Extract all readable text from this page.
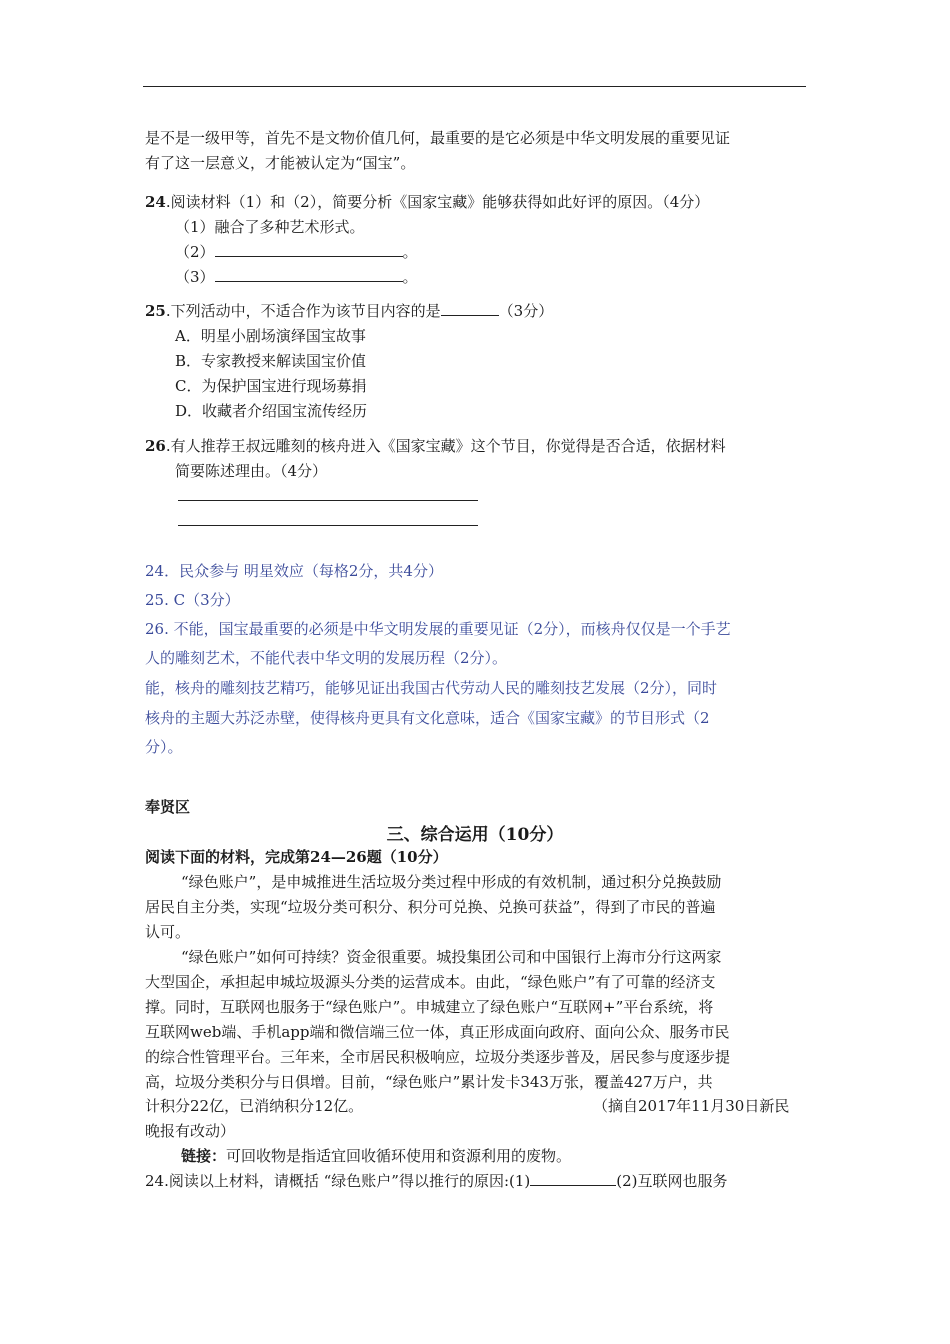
是不是一级甲等，首先不是文物价值几何，最重要的是它必须是中华文明发展的重要见证
有了这一层意义，才能被认定为“国宝”。
24.阅读材料（1）和（2），简要分析《国家宝藏》能够获得如此好评的原因。（4分）
（1）融合了多种艺术形式。
（2）	。
（3）	。
25.下列活动中，不适合作为该节目内容的是	（3分）
A．明星小剧场演绎国宝故事
B．专家教授来解读国宝价值
C．为保护国宝进行现场募捐
D．收藏者介绍国宝流传经历
26.有人推荐王叔远雕刻的核舟进入《国家宝藏》这个节目，你觉得是否合适，依据材料
简要陈述理由。（4分）
24．民众参与 明星效应（每格2分，共4分）
25. C（3分）
26. 不能，国宝最重要的必须是中华文明发展的重要见证（2分），而核舟仅仅是一个手艺
人的雕刻艺术，不能代表中华文明的发展历程（2分）。
能，核舟的雕刻技艺精巧，能够见证出我国古代劳动人民的雕刻技艺发展（2分），同时
核舟的主题大苏泛赤壁，使得核舟更具有文化意味，适合《国家宝藏》的节目形式（2
分）。
奉贤区
三、综合运用（10分）
阅读下面的材料，完成第24—26题（10分）
“绿色账户”，是申城推进生活垃圾分类过程中形成的有效机制，通过积分兑换鼓励
居民自主分类，实现“垃圾分类可积分、积分可兑换、兑换可获益”，得到了市民的普遍
认可。
“绿色账户”如何可持续？资金很重要。城投集团公司和中国银行上海市分行这两家
大型国企，承担起申城垃圾源头分类的运营成本。由此，“绿色账户”有了可靠的经济支
撑。同时，互联网也服务于“绿色账户”。申城建立了绿色账户“互联网+”平台系统，将
互联网web端、手机app端和微信端三位一体，真正形成面向政府、面向公众、服务市民
的综合性管理平台。三年来，全市居民积极响应，垃圾分类逐步普及，居民参与度逐步提
高，垃圾分类积分与日俱增。目前，“绿色账户”累计发卡343万张，覆盖427万户，共
计积分22亿，已消纳积分12亿。	（摘自2017年11月30日新民
晚报有改动）
链接：可回收物是指适宜回收循环使用和资源利用的废物。
24.阅读以上材料，请概括 “绿色账户”得以推行的原因:(1)	(2)互联网也服务
